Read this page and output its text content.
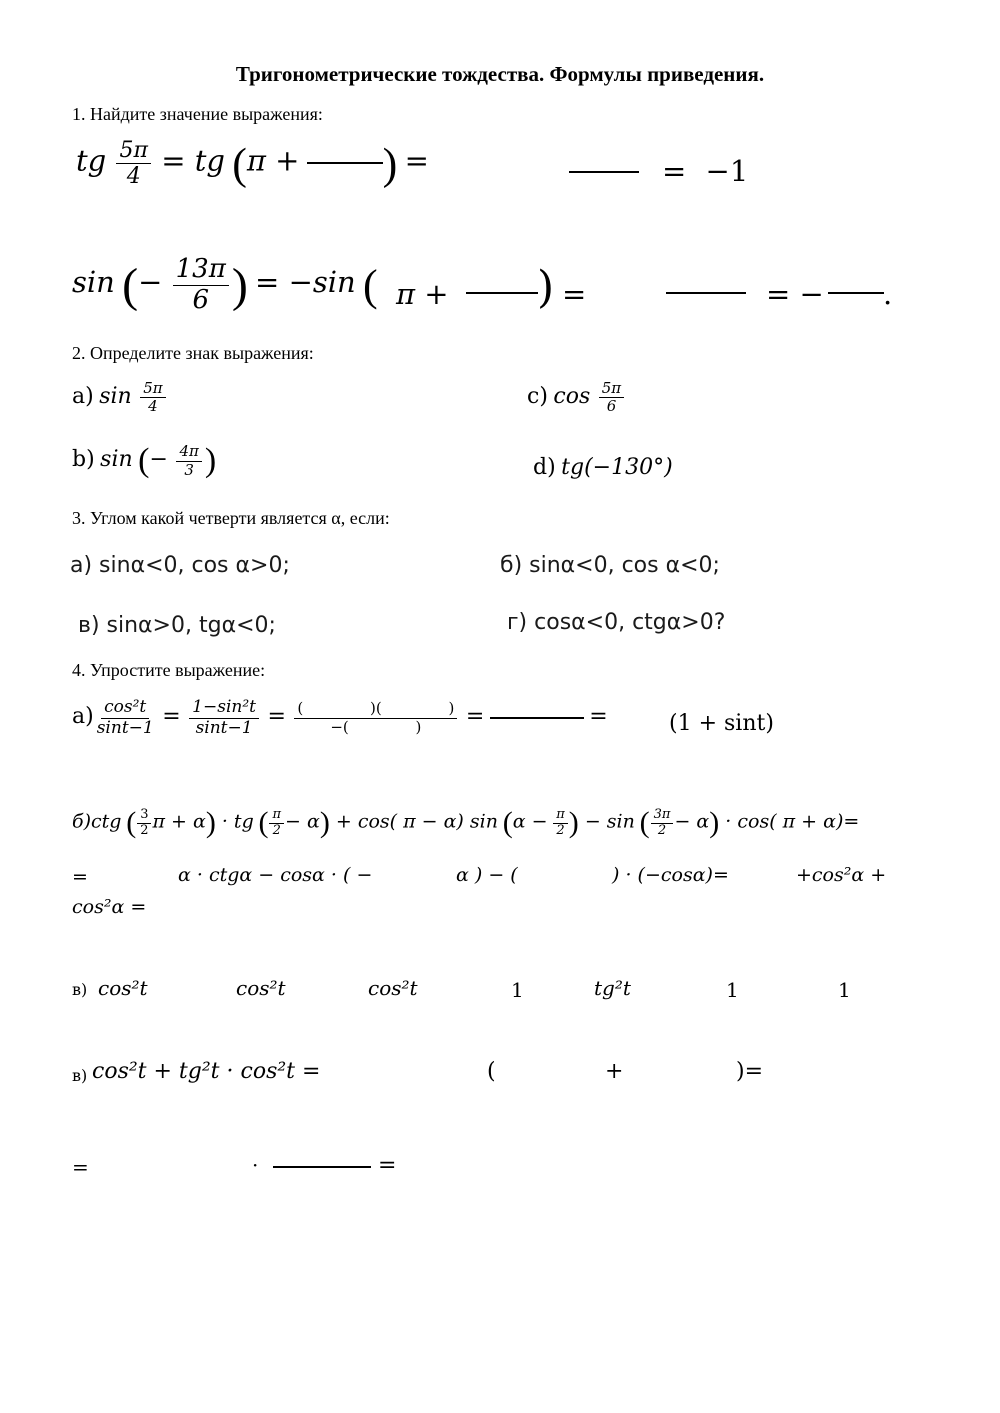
Тригонометрические тождества. Формулы приведения.
1. Найдите значение выражения:
tg $\frac{5\pi}{4}$ = tg (π + ) =	= −1
sin (− $\frac{13\pi}{6}$ ) = −sin ( π + ) =	= − .
2. Определите знак выражения:
a) $\sin \frac{5\pi}{4}$	c) $\cos \frac{5\pi}{6}$
b) sin (− $\frac{4\pi}{3}$ )	d) tg(−130°)
3. Углом какой четверти является α, если:
а) sinα<0, cos α>0;	б) sinα<0, cos α<0;
в) sinα>0, tgα<0;	г) cosα<0, ctgα>0?
4. Упростите выражение:
$а) \frac{\text{cos²t}}{\sin t-1} = \frac{\text{1−sin²t}}{\sin t-1} = \frac{( )( )}{-( )}$ =	=	(1 + sint)
б)ctg ( $\frac{3}{2}$ π + α) · tg ( $\frac{\pi}{2} - \alpha) + \cos$( π − α) $\sin (\alpha - \frac{\pi}{2}$ ) − sin ( $\frac{3\pi}{2} - \alpha) \cdot \cos$( π + α)=
=	α · ctgα − cosα · ( −	α ) − (	) · (−cosα)=	+cos²α +
cos²α =
в) cos²t	cos²t	cos²t	1	tg²t	1	1
в) cos²t + tg²t · cos²t =	(	+	)=
=	·	=
